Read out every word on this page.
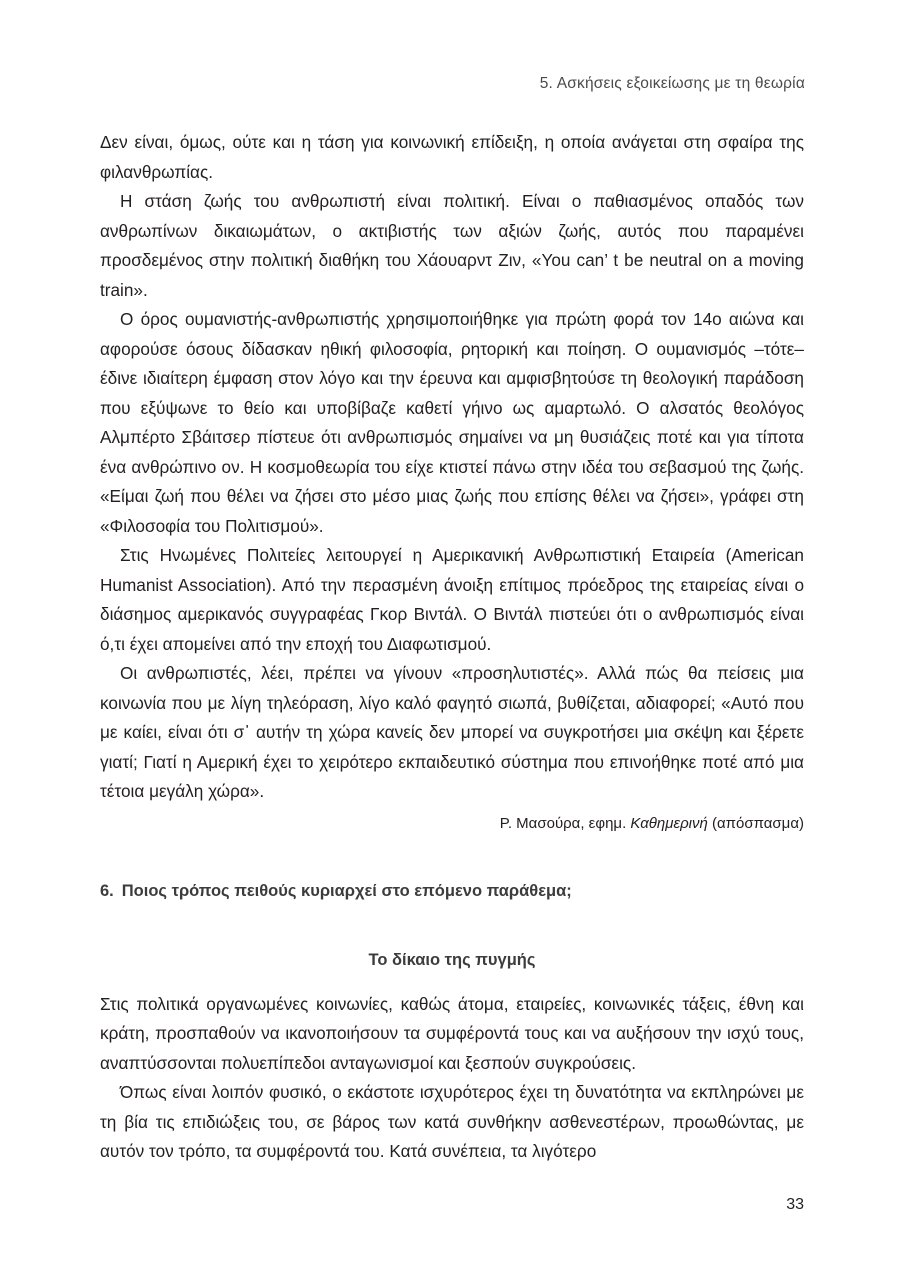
5. Ασκήσεις εξοικείωσης με τη θεωρία

Δεν είναι, όμως, ούτε και η τάση για κοινωνική επίδειξη, η οποία ανάγεται στη σφαίρα της φιλανθρωπίας.

Η στάση ζωής του ανθρωπιστή είναι πολιτική. Είναι ο παθιασμένος οπαδός των ανθρωπίνων δικαιωμάτων, ο ακτιβιστής των αξιών ζωής, αυτός που παραμένει προσδεμένος στην πολιτική διαθήκη του Χάουαρντ Ζιν, «You can’ t be neutral on a moving train».

Ο όρος ουμανιστής-ανθρωπιστής χρησιμοποιήθηκε για πρώτη φορά τον 14ο αιώνα και αφορούσε όσους δίδασκαν ηθική φιλοσοφία, ρητορική και ποίηση. Ο ουμανισμός –τότε– έδινε ιδιαίτερη έμφαση στον λόγο και την έρευνα και αμφισβητούσε τη θεολογική παράδοση που εξύψωνε το θείο και υποβίβαζε καθετί γήινο ως αμαρτωλό. Ο αλσατός θεολόγος Αλμπέρτο Σβάιτσερ πίστευε ότι ανθρωπισμός σημαίνει να μη θυσιάζεις ποτέ και για τίποτα ένα ανθρώπινο ον. Η κοσμοθεωρία του είχε κτιστεί πάνω στην ιδέα του σεβασμού της ζωής. «Είμαι ζωή που θέλει να ζήσει στο μέσο μιας ζωής που επίσης θέλει να ζήσει», γράφει στη «Φιλοσοφία του Πολιτισμού».

Στις Ηνωμένες Πολιτείες λειτουργεί η Αμερικανική Ανθρωπιστική Εταιρεία (American Humanist Association). Από την περασμένη άνοιξη επίτιμος πρόεδρος της εταιρείας είναι ο διάσημος αμερικανός συγγραφέας Γκορ Βιντάλ. Ο Βιντάλ πιστεύει ότι ο ανθρωπισμός είναι ό,τι έχει απομείνει από την εποχή του Διαφωτισμού.

Οι ανθρωπιστές, λέει, πρέπει να γίνουν «προσηλυτιστές». Αλλά πώς θα πείσεις μια κοινωνία που με λίγη τηλεόραση, λίγο καλό φαγητό σιωπά, βυθίζεται, αδιαφορεί; «Αυτό που με καίει, είναι ότι σ᾽ αυτήν τη χώρα κανείς δεν μπορεί να συγκροτήσει μια σκέψη και ξέρετε γιατί; Γιατί η Αμερική έχει το χειρότερο εκπαιδευτικό σύστημα που επινοήθηκε ποτέ από μια τέτοια μεγάλη χώρα».

Ρ. Μασούρα, εφημ. Καθημερινή (απόσπασμα)
6. Ποιος τρόπος πειθούς κυριαρχεί στο επόμενο παράθεμα;
Το δίκαιο της πυγμής

Στις πολιτικά οργανωμένες κοινωνίες, καθώς άτομα, εταιρείες, κοινωνικές τάξεις, έθνη και κράτη, προσπαθούν να ικανοποιήσουν τα συμφέροντά τους και να αυξήσουν την ισχύ τους, αναπτύσσονται πολυεπίπεδοι ανταγωνισμοί και ξεσπούν συγκρούσεις.

Όπως είναι λοιπόν φυσικό, ο εκάστοτε ισχυρότερος έχει τη δυνατότητα να εκπληρώνει με τη βία τις επιδιώξεις του, σε βάρος των κατά συνθήκην ασθενεστέρων, προωθώντας, με αυτόν τον τρόπο, τα συμφέροντά του. Κατά συνέπεια, τα λιγότερο

33
